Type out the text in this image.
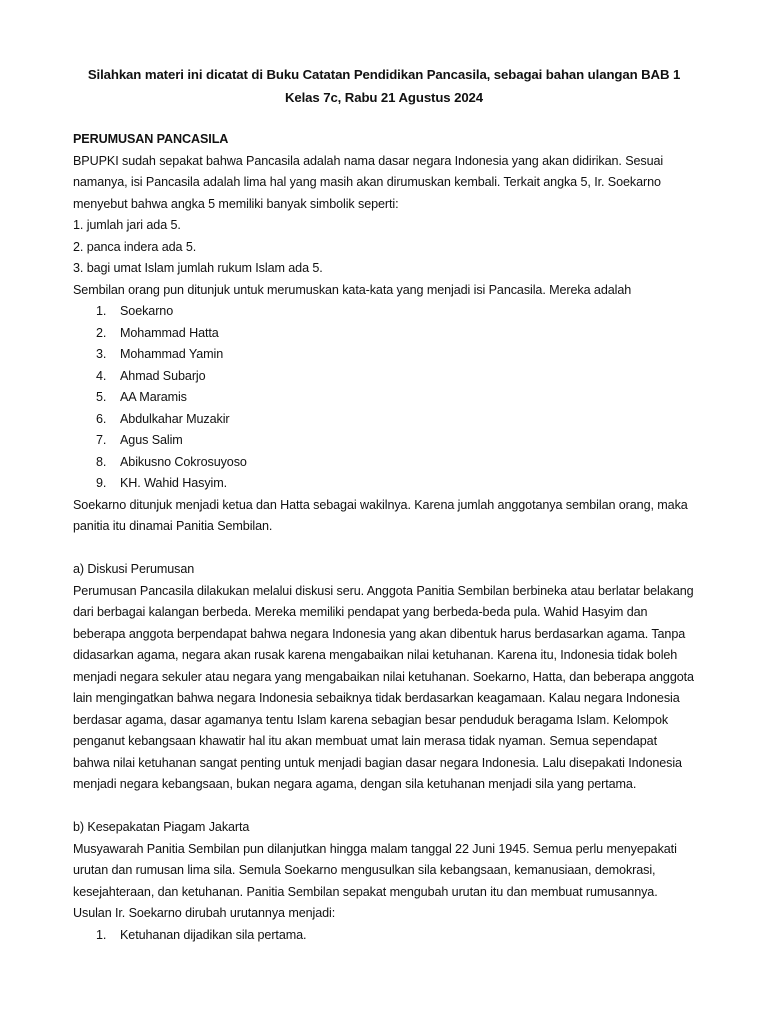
Silahkan materi ini dicatat di Buku Catatan Pendidikan Pancasila, sebagai bahan ulangan BAB 1
Kelas 7c, Rabu 21 Agustus 2024
PERUMUSAN PANCASILA

BPUPKI sudah sepakat bahwa Pancasila adalah nama dasar negara Indonesia yang akan didirikan. Sesuai namanya, isi Pancasila adalah lima hal yang masih akan dirumuskan kembali. Terkait angka 5, Ir. Soekarno menyebut bahwa angka 5 memiliki banyak simbolik seperti:

1. jumlah jari ada 5.
2. panca indera ada 5.
3. bagi umat Islam jumlah rukum Islam ada 5.

Sembilan orang pun ditunjuk untuk merumuskan kata-kata yang menjadi isi Pancasila. Mereka adalah

1.	Soekarno
2.	Mohammad Hatta
3.	Mohammad Yamin
4.	Ahmad Subarjo
5.	AA Maramis
6.	Abdulkahar Muzakir
7.	Agus Salim
8.	Abikusno Cokrosuyoso
9.	KH. Wahid Hasyim.

Soekarno ditunjuk menjadi ketua dan Hatta sebagai wakilnya. Karena jumlah anggotanya sembilan orang, maka panitia itu dinamai Panitia Sembilan.

a) Diskusi Perumusan

Perumusan Pancasila dilakukan melalui diskusi seru. Anggota Panitia Sembilan berbineka atau berlatar belakang dari berbagai kalangan berbeda. Mereka memiliki pendapat yang berbeda-beda pula. Wahid Hasyim dan beberapa anggota berpendapat bahwa negara Indonesia yang akan dibentuk harus berdasarkan agama. Tanpa didasarkan agama, negara akan rusak karena mengabaikan nilai ketuhanan. Karena itu, Indonesia tidak boleh menjadi negara sekuler atau negara yang mengabaikan nilai ketuhanan. Soekarno, Hatta, dan beberapa anggota lain mengingatkan bahwa negara Indonesia sebaiknya tidak berdasarkan keagamaan. Kalau negara Indonesia berdasar agama, dasar agamanya tentu Islam karena sebagian besar penduduk beragama Islam. Kelompok penganut kebangsaan khawatir hal itu akan membuat umat lain merasa tidak nyaman. Semua sependapat bahwa nilai ketuhanan sangat penting untuk menjadi bagian dasar negara Indonesia. Lalu disepakati Indonesia menjadi negara kebangsaan, bukan negara agama, dengan sila ketuhanan menjadi sila yang pertama.

b) Kesepakatan Piagam Jakarta

Musyawarah Panitia Sembilan pun dilanjutkan hingga malam tanggal 22 Juni 1945. Semua perlu menyepakati urutan dan rumusan lima sila. Semula Soekarno mengusulkan sila kebangsaan, kemanusiaan, demokrasi, kesejahteraan, dan ketuhanan. Panitia Sembilan sepakat mengubah urutan itu dan membuat rumusannya. Usulan Ir. Soekarno dirubah urutannya menjadi:

1.	Ketuhanan dijadikan sila pertama.
